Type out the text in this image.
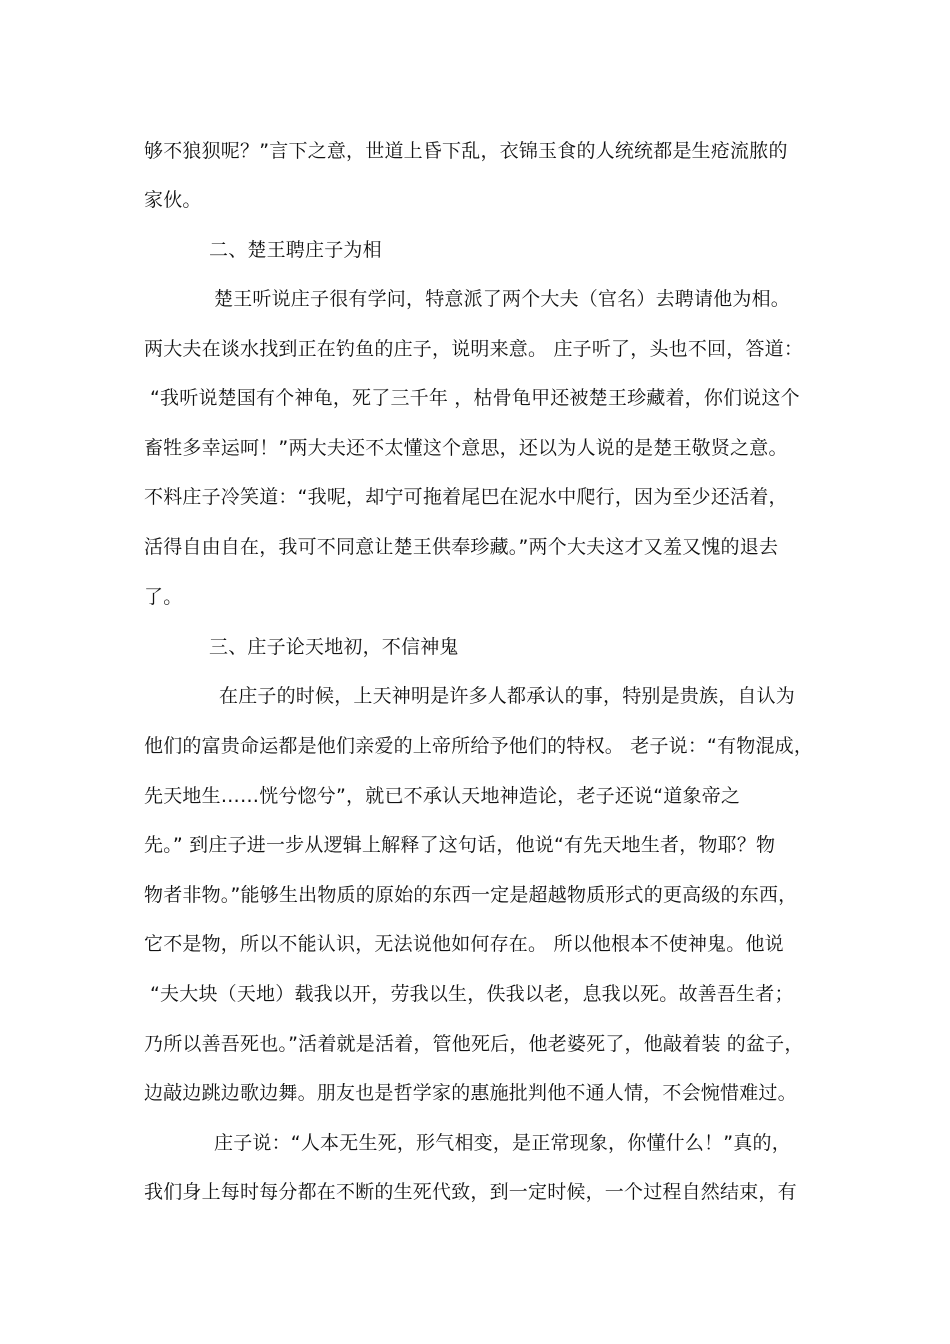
够不狼狈呢？”言下之意，世道上昏下乱，衣锦玉食的人统统都是生疮流脓的
家伙。
二、楚王聘庄子为相
楚王听说庄子很有学问，特意派了两个大夫（官名）去聘请他为相。
两大夫在谈水找到正在钓鱼的庄子，说明来意。 庄子听了，头也不回，答道：
“我听说楚国有个神龟，死了三千年 ，枯骨龟甲还被楚王珍藏着，你们说这个
畜牲多幸运呵！”两大夫还不太懂这个意思，还以为人说的是楚王敬贤之意。
不料庄子冷笑道：“我呢，却宁可拖着尾巴在泥水中爬行，因为至少还活着，
活得自由自在，我可不同意让楚王供奉珍藏。”两个大夫这才又羞又愧的退去
了。
三、庄子论天地初，不信神鬼
在庄子的时候，上天神明是许多人都承认的事，特别是贵族，自认为
他们的富贵命运都是他们亲爱的上帝所给予他们的特权。 老子说：“有物混成，
先天地生……恍兮惚兮”，就已不承认天地神造论，老子还说“道象帝之
先。” 到庄子进一步从逻辑上解释了这句话，他说“有先天地生者，物耶？物
物者非物。”能够生出物质的原始的东西一定是超越物质形式的更高级的东西，
它不是物，所以不能认识，无法说他如何存在。 所以他根本不使神鬼。他说
“夫大块（天地）载我以开，劳我以生，佚我以老，息我以死。故善吾生者；
乃所以善吾死也。”活着就是活着，管他死后，他老婆死了，他敲着装 的盆子，
边敲边跳边歌边舞。朋友也是哲学家的惠施批判他不通人情，不会惋惜难过。
庄子说：“人本无生死，形气相变，是正常现象，你懂什么！”真的，
我们身上每时每分都在不断的生死代致，到一定时候，一个过程自然结束，有
